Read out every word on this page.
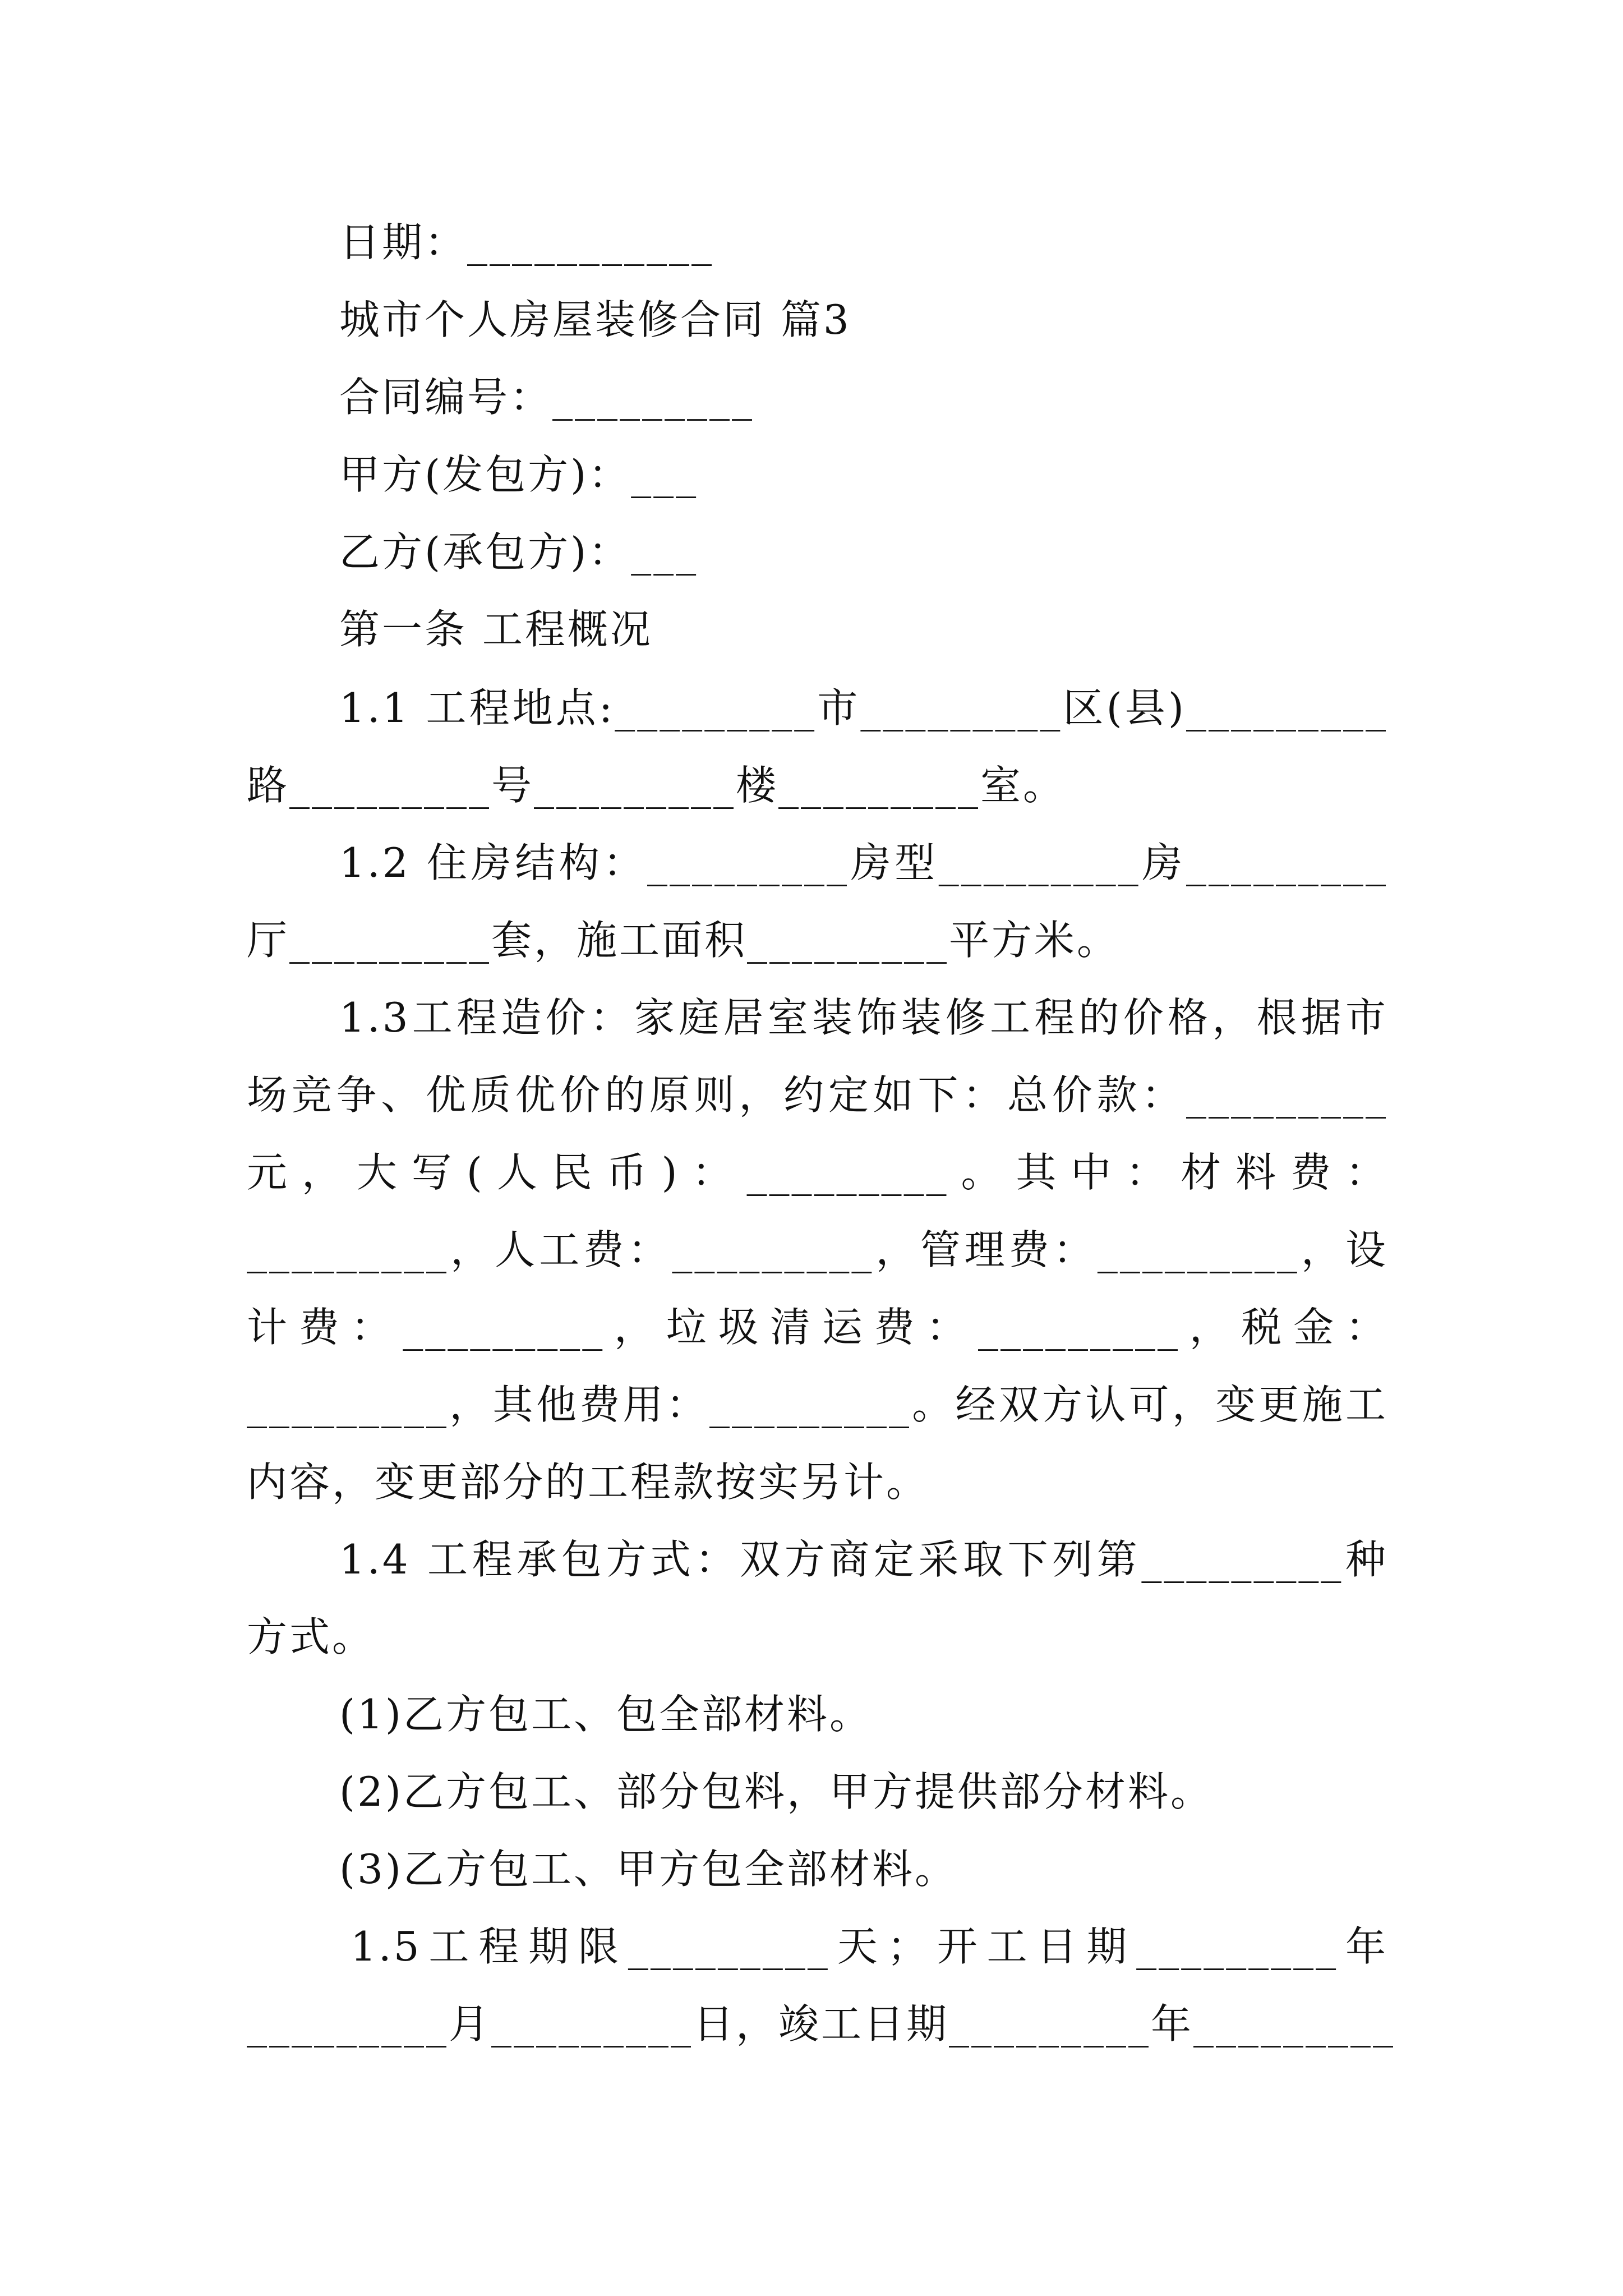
日期：___________
城市个人房屋装修合同 篇3
合同编号：_________
甲方(发包方)：___
乙方(承包方)：___
第一条 工程概况
1.1 工程地点:_________市_________区(县)_________
路_________号_________楼_________室。
1.2 住房结构：_________房型_________房_________
厅_________套，施工面积_________平方米。
1.3工程造价：家庭居室装饰装修工程的价格，根据市
场竞争、优质优价的原则，约定如下：总价款：_________
元，大写(人民币)：_________。其中：材料费：
_________，人工费：_________，管理费：_________，设
计费：_________，垃圾清运费：_________，税金：
_________，其他费用：_________。经双方认可，变更施工
内容，变更部分的工程款按实另计。
1.4 工程承包方式：双方商定采取下列第_________种
方式。
(1)乙方包工、包全部材料。
(2)乙方包工、部分包料，甲方提供部分材料。
(3)乙方包工、甲方包全部材料。
1.5工程期限_________天；开工日期_________年
_________月_________日，竣工日期_________年_________
